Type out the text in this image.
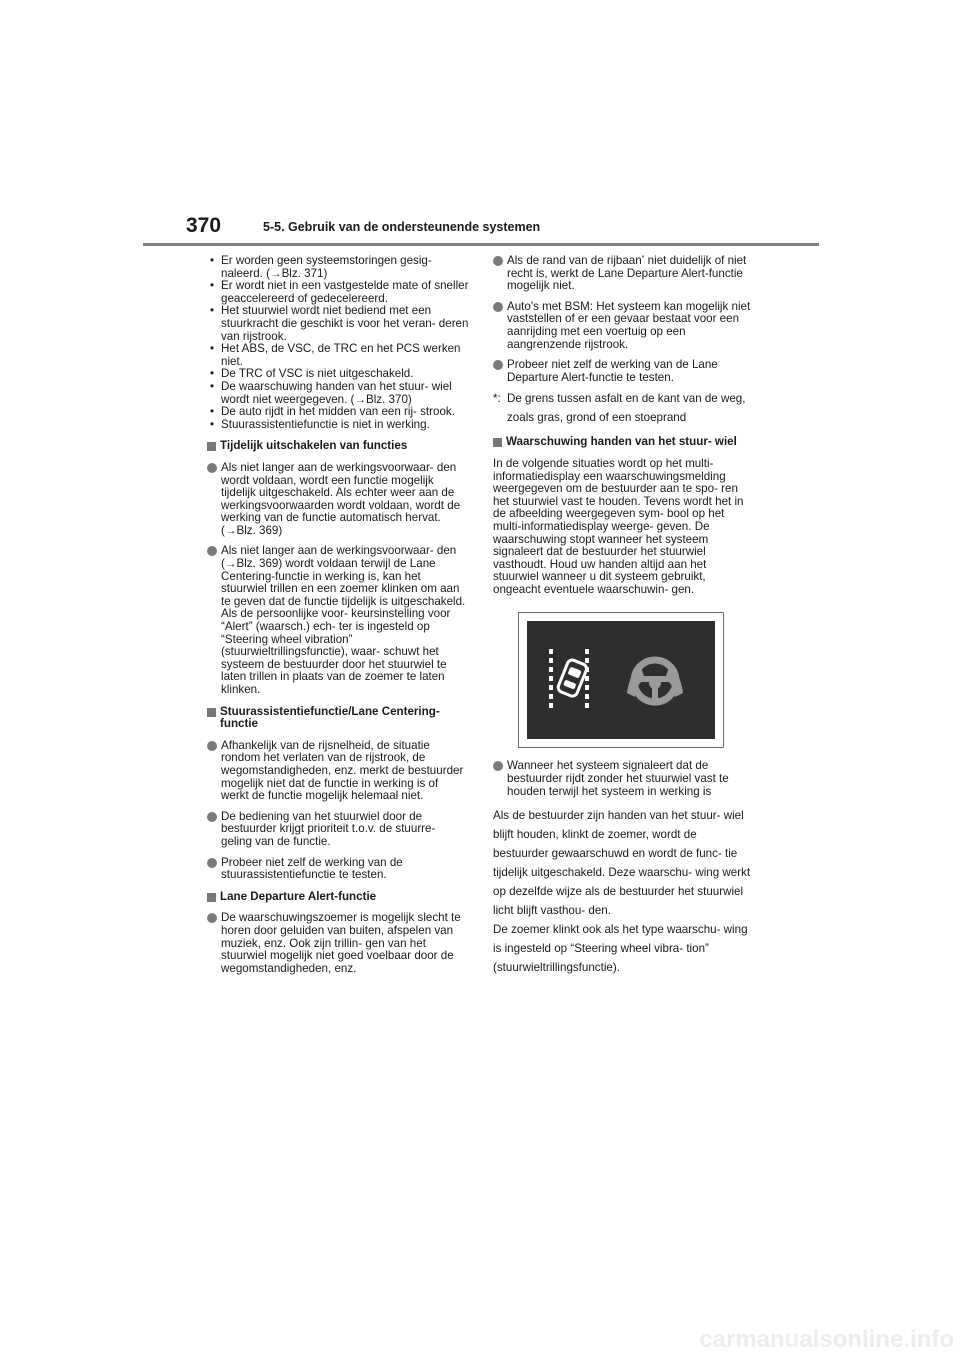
370	5-5. Gebruik van de ondersteunende systemen
• Er worden geen systeemstoringen gesig- naleerd. (→Blz. 371)
• Er wordt niet in een vastgestelde mate of sneller geaccelereerd of gedecelereerd.
• Het stuurwiel wordt niet bediend met een stuurkracht die geschikt is voor het veran- deren van rijstrook.
• Het ABS, de VSC, de TRC en het PCS werken niet.
• De TRC of VSC is niet uitgeschakeld.
• De waarschuwing handen van het stuur- wiel wordt niet weergegeven. (→Blz. 370)
• De auto rijdt in het midden van een rij- strook.
• Stuurassistentiefunctie is niet in werking.
Tijdelijk uitschakelen van functies
Als niet langer aan de werkingsvoorwaar- den wordt voldaan, wordt een functie mogelijk tijdelijk uitgeschakeld. Als echter weer aan de werkingsvoorwaarden wordt voldaan, wordt de werking van de functie automatisch hervat. (→Blz. 369)
Als niet langer aan de werkingsvoorwaar- den (→Blz. 369) wordt voldaan terwijl de Lane Centering-functie in werking is, kan het stuurwiel trillen en een zoemer klinken om aan te geven dat de functie tijdelijk is uitgeschakeld. Als de persoonlijke voor- keursinstelling voor “Alert” (waarsch.) ech- ter is ingesteld op “Steering wheel vibration” (stuurwieltrillingsfunctie), waar- schuwt het systeem de bestuurder door het stuurwiel te laten trillen in plaats van de zoemer te laten klinken.
Stuurassistentiefunctie/Lane Centering- functie
Afhankelijk van de rijsnelheid, de situatie rondom het verlaten van de rijstrook, de wegomstandigheden, enz. merkt de bestuurder mogelijk niet dat de functie in werking is of werkt de functie mogelijk helemaal niet.
De bediening van het stuurwiel door de bestuurder krijgt prioriteit t.o.v. de stuurre- geling van de functie.
Probeer niet zelf de werking van de stuurassistentiefunctie te testen.
Lane Departure Alert-functie
De waarschuwingszoemer is mogelijk slecht te horen door geluiden van buiten, afspelen van muziek, enz. Ook zijn trillin- gen van het stuurwiel mogelijk niet goed voelbaar door de wegomstandigheden, enz.
Als de rand van de rijbaan* niet duidelijk of niet recht is, werkt de Lane Departure Alert-functie mogelijk niet.
Auto's met BSM: Het systeem kan mogelijk niet vaststellen of er een gevaar bestaat voor een aanrijding met een voertuig op een aangrenzende rijstrook.
Probeer niet zelf de werking van de Lane Departure Alert-functie te testen.
*: De grens tussen asfalt en de kant van de weg, zoals gras, grond of een stoeprand
Waarschuwing handen van het stuur- wiel
In de volgende situaties wordt op het multi- informatiedisplay een waarschuwingsmelding weergegeven om de bestuurder aan te spo- ren het stuurwiel vast te houden. Tevens wordt het in de afbeelding weergegeven sym- bool op het multi-informatiedisplay weerge- geven. De waarschuwing stopt wanneer het systeem signaleert dat de bestuurder het stuurwiel vasthoudt. Houd uw handen altijd aan het stuurwiel wanneer u dit systeem gebruikt, ongeacht eventuele waarschuwin- gen.
Wanneer het systeem signaleert dat de bestuurder rijdt zonder het stuurwiel vast te houden terwijl het systeem in werking is
Als de bestuurder zijn handen van het stuur- wiel blijft houden, klinkt de zoemer, wordt de bestuurder gewaarschuwd en wordt de func- tie tijdelijk uitgeschakeld. Deze waarschu- wing werkt op dezelfde wijze als de bestuurder het stuurwiel licht blijft vasthou- den.
De zoemer klinkt ook als het type waarschu- wing is ingesteld op “Steering wheel vibra- tion” (stuurwieltrillingsfunctie).
carmanualsonline.info
